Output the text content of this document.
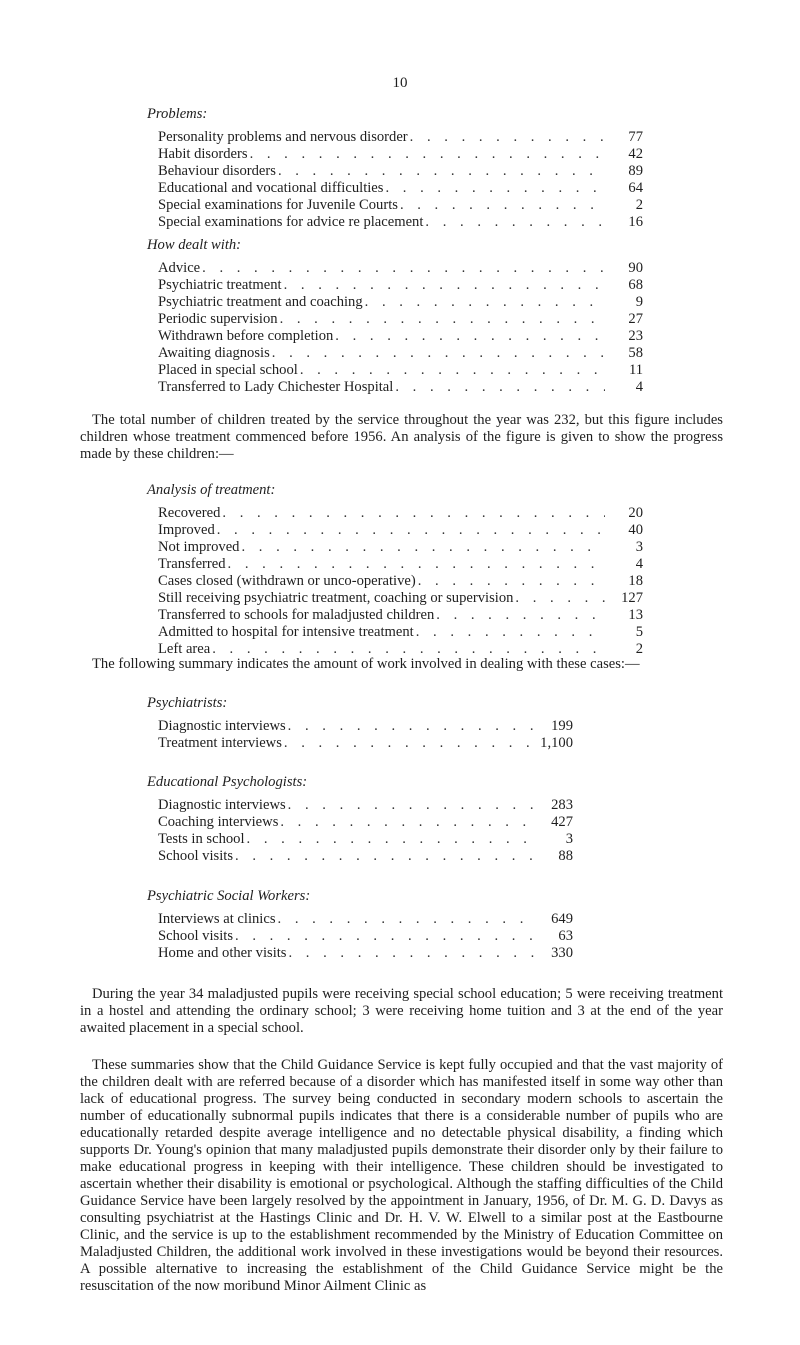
10
Problems:
Personality problems and nervous disorder . . .	77
Habit disorders . . .	42
Behaviour disorders . . .	89
Educational and vocational difficulties . . .	64
Special examinations for Juvenile Courts . . .	2
Special examinations for advice re placement . . .	16
How dealt with:
Advice . . .	90
Psychiatric treatment . . .	68
Psychiatric treatment and coaching . . .	9
Periodic supervision . . .	27
Withdrawn before completion . . .	23
Awaiting diagnosis . . .	58
Placed in special school . . .	11
Transferred to Lady Chichester Hospital . . .	4
The total number of children treated by the service throughout the year was 232, but this figure includes children whose treatment commenced before 1956. An analysis of the figure is given to show the progress made by these children:—
Analysis of treatment:
Recovered . . .	20
Improved . . .	40
Not improved . . .	3
Transferred . . .	4
Cases closed (withdrawn or unco-operative) . . .	18
Still receiving psychiatric treatment, coaching or supervision . . .	127
Transferred to schools for maladjusted children . . .	13
Admitted to hospital for intensive treatment . . .	5
Left area . . .	2
The following summary indicates the amount of work involved in dealing with these cases:—
Psychiatrists:
Diagnostic interviews . . .	199
Treatment interviews . . .	1,100
Educational Psychologists:
Diagnostic interviews . . .	283
Coaching interviews . . .	427
Tests in school . . .	3
School visits . . .	88
Psychiatric Social Workers:
Interviews at clinics . . .	649
School visits . . .	63
Home and other visits . . .	330
During the year 34 maladjusted pupils were receiving special school education; 5 were receiving treatment in a hostel and attending the ordinary school; 3 were receiving home tuition and 3 at the end of the year awaited placement in a special school.
These summaries show that the Child Guidance Service is kept fully occupied and that the vast majority of the children dealt with are referred because of a disorder which has manifested itself in some way other than lack of educational progress. The survey being conducted in secondary modern schools to ascertain the number of educationally subnormal pupils indicates that there is a considerable number of pupils who are educationally retarded despite average intelligence and no detectable physical disability, a finding which supports Dr. Young's opinion that many maladjusted pupils demonstrate their disorder only by their failure to make educational progress in keeping with their intelligence. These children should be investigated to ascertain whether their disability is emotional or psychological. Although the staffing difficulties of the Child Guidance Service have been largely resolved by the appointment in January, 1956, of Dr. M. G. D. Davys as consulting psychiatrist at the Hastings Clinic and Dr. H. V. W. Elwell to a similar post at the Eastbourne Clinic, and the service is up to the establishment recommended by the Ministry of Education Committee on Maladjusted Children, the additional work involved in these investigations would be beyond their resources. A possible alternative to increasing the establishment of the Child Guidance Service might be the resuscitation of the now moribund Minor Ailment Clinic as
